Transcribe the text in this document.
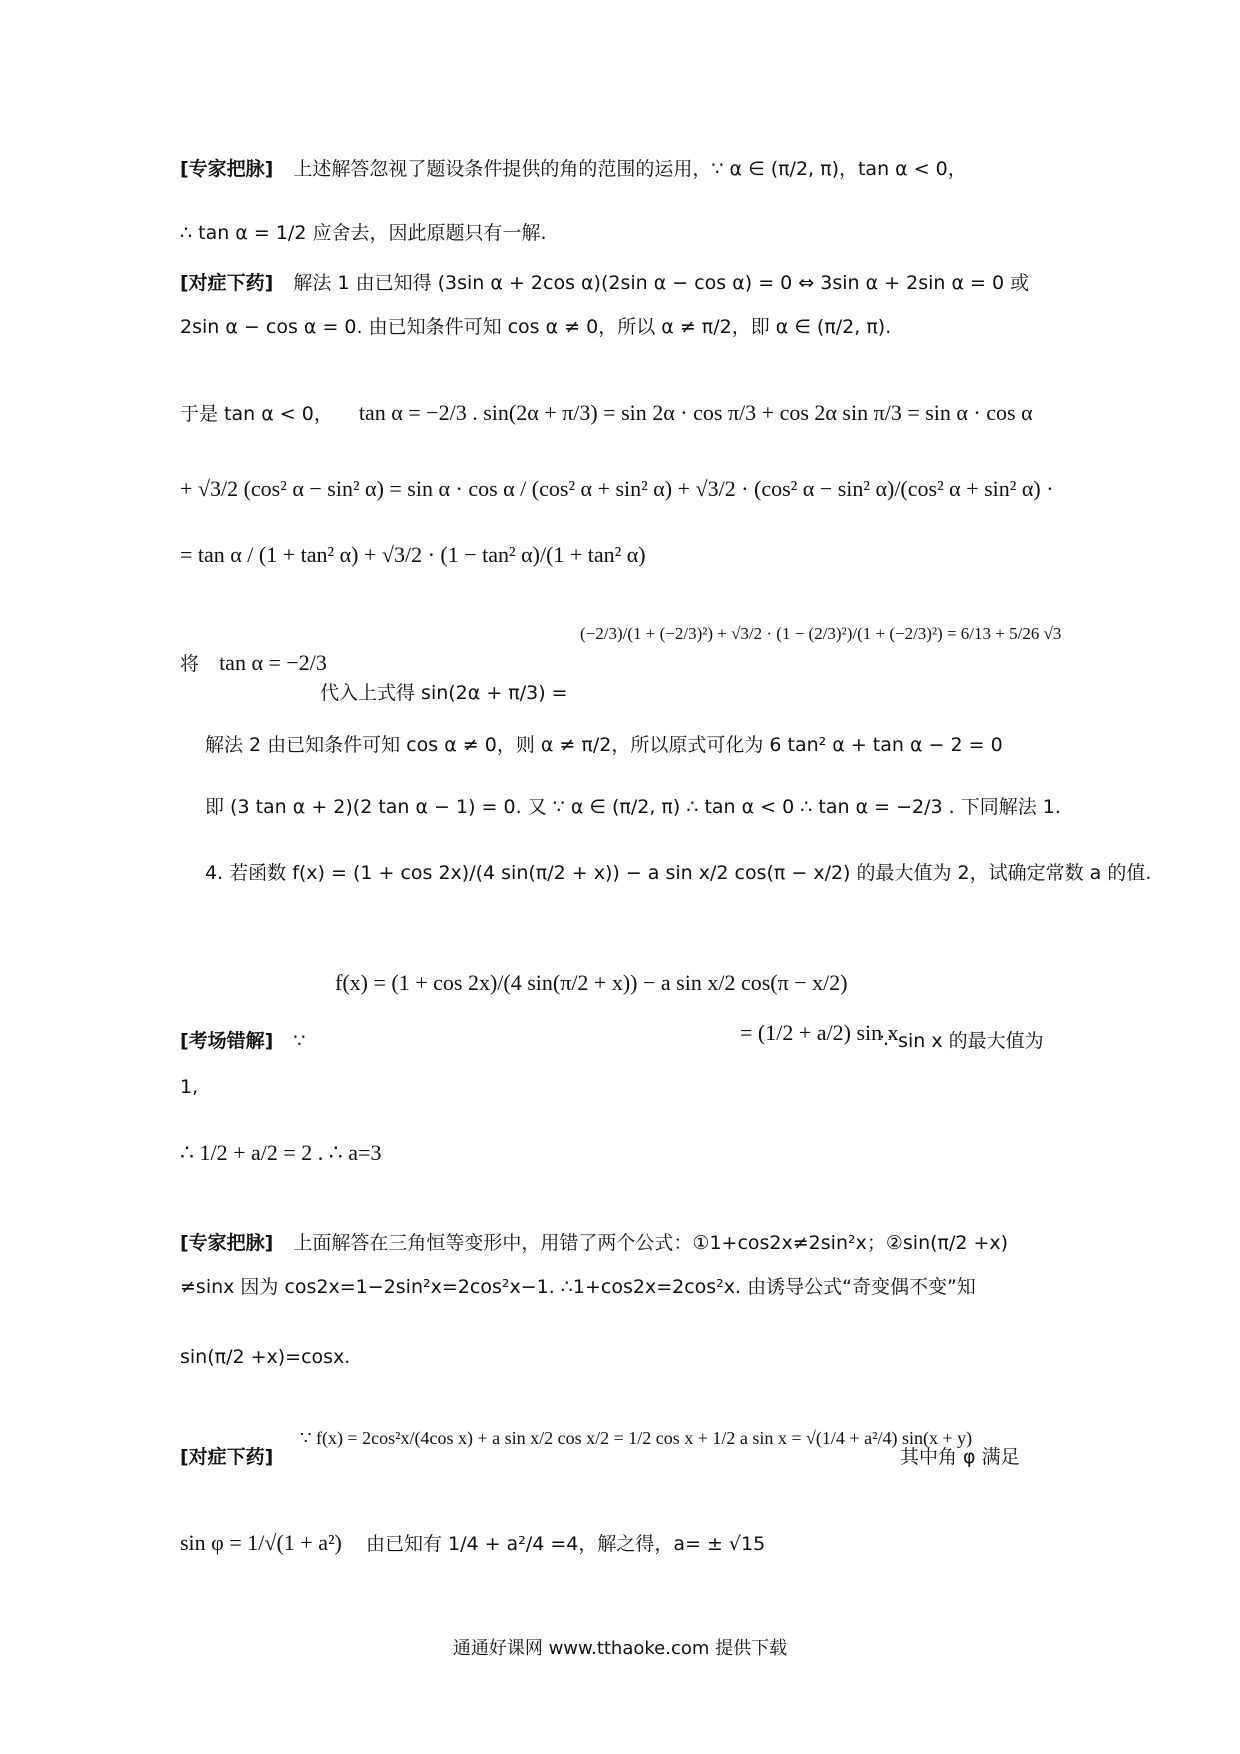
[专家把脉] 上述解答忽视了题设条件提供的角的范围的运用，∵ α ∈ (π/2, π)，tan α < 0，
∴ tan α = 1/2 应舍去，因此原题只有一解.
[对症下药] 解法 1 由已知得 (3sin α + 2cos α)(2sin α − cos α) = 0 ⇔ 3sin α + 2sin α = 0 或
2sin α − cos α = 0. 由已知条件可知 cos α ≠ 0，所以 α ≠ π/2，即 α ∈ (π/2, π).
于是 tan α < 0， tan α = −2/3 . sin(2α + π/3) = sin 2α · cos π/3 + cos 2α sin π/3 = sin α · cos α
+ √3/2 (cos² α − sin² α) = sin α · cos α / (cos² α + sin² α) + √3/2 · (cos² α − sin² α)/(cos² α + sin² α) ·
= tan α / (1 + tan² α) + √3/2 · (1 − tan² α)/(1 + tan² α)
将 tan α = −2/3
代入上式得 sin(2α + π/3) =
(−2/3)/(1 + (−2/3)²) + √3/2 · (1 − (2/3)²)/(1 + (−2/3)²) = 6/13 + 5/26 √3
解法 2 由已知条件可知 cos α ≠ 0，则 α ≠ π/2，所以原式可化为 6 tan² α + tan α − 2 = 0
即 (3 tan α + 2)(2 tan α − 1) = 0. 又 ∵ α ∈ (π/2, π) ∴ tan α < 0 ∴ tan α = −2/3 . 下同解法 1.
4. 若函数 f(x) = (1 + cos 2x)/(4 sin(π/2 + x)) − a sin x/2 cos(π − x/2) 的最大值为 2，试确定常数 a 的值.
f(x) = (1 + cos 2x)/(4 sin(π/2 + x)) − a sin x/2 cos(π − x/2)
[考场错解] ∵	= (1/2 + a/2) sin x
∵ sin x 的最大值为
1,
∴ 1/2 + a/2 = 2 . ∴ a=3
[专家把脉] 上面解答在三角恒等变形中，用错了两个公式：①1+cos2x≠2sin²x；②sin(π/2 +x)
≠sinx 因为 cos2x=1−2sin²x=2cos²x−1. ∴1+cos2x=2cos²x. 由诱导公式“奇变偶不变”知
sin(π/2 +x)=cosx.
[对症下药]
∵ f(x) = 2cos²x/(4cos x) + a sin x/2 cos x/2 = 1/2 cos x + 1/2 a sin x = √(1/4 + a²/4) sin(x + y)
其中角 φ 满足
sin φ = 1/√(1 + a²) 由已知有 1/4 + a²/4 =4，解之得，a= ± √15
通通好课网 www.tthaoke.com 提供下载
